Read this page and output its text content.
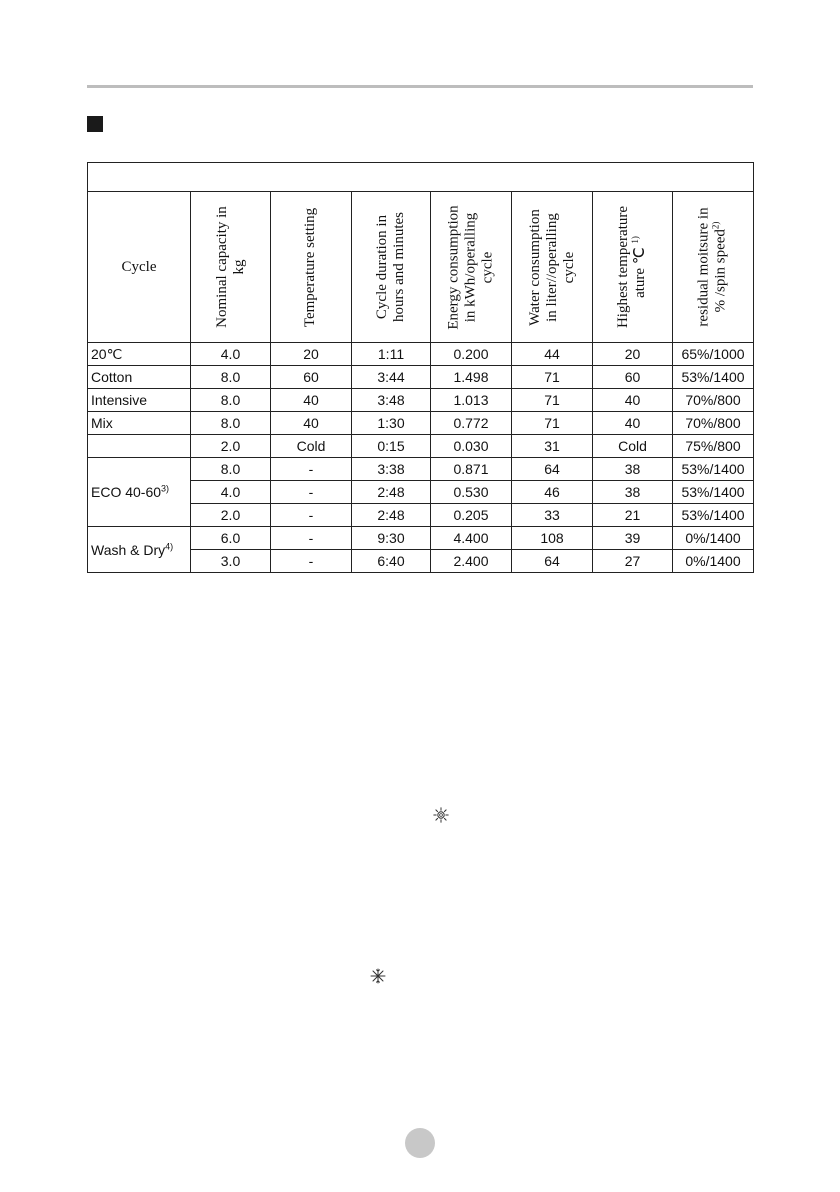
Cycle	Nominal capacity in kg	Temperature setting	Cycle duration in hours and minutes	Energy consumption in kWh/operalling cycle	Water consumption in liter//operalling cycle	Highest temperature ature ℃ $^{1)}$	residual moitsure in % /spin speed$^{2)}$

20℃	4.0	20	1:11	0.200	44	20	65%/1000
Cotton	8.0	60	3:44	1.498	71	60	53%/1400
Intensive	8.0	40	3:48	1.013	71	40	70%/800
Mix	8.0	40	1:30	0.772	71	40	70%/800
	2.0	Cold	0:15	0.030	31	Cold	75%/800
ECO 40-60$^{3)}$	8.0	-	3:38	0.871	64	38	53%/1400
	4.0	-	2:48	0.530	46	38	53%/1400
	2.0	-	2:48	0.205	33	21	53%/1400
Wash & Dry$^{4)}$	6.0	-	9:30	4.400	108	39	0%/1400
	3.0	-	6:40	2.400	64	27	0%/1400
